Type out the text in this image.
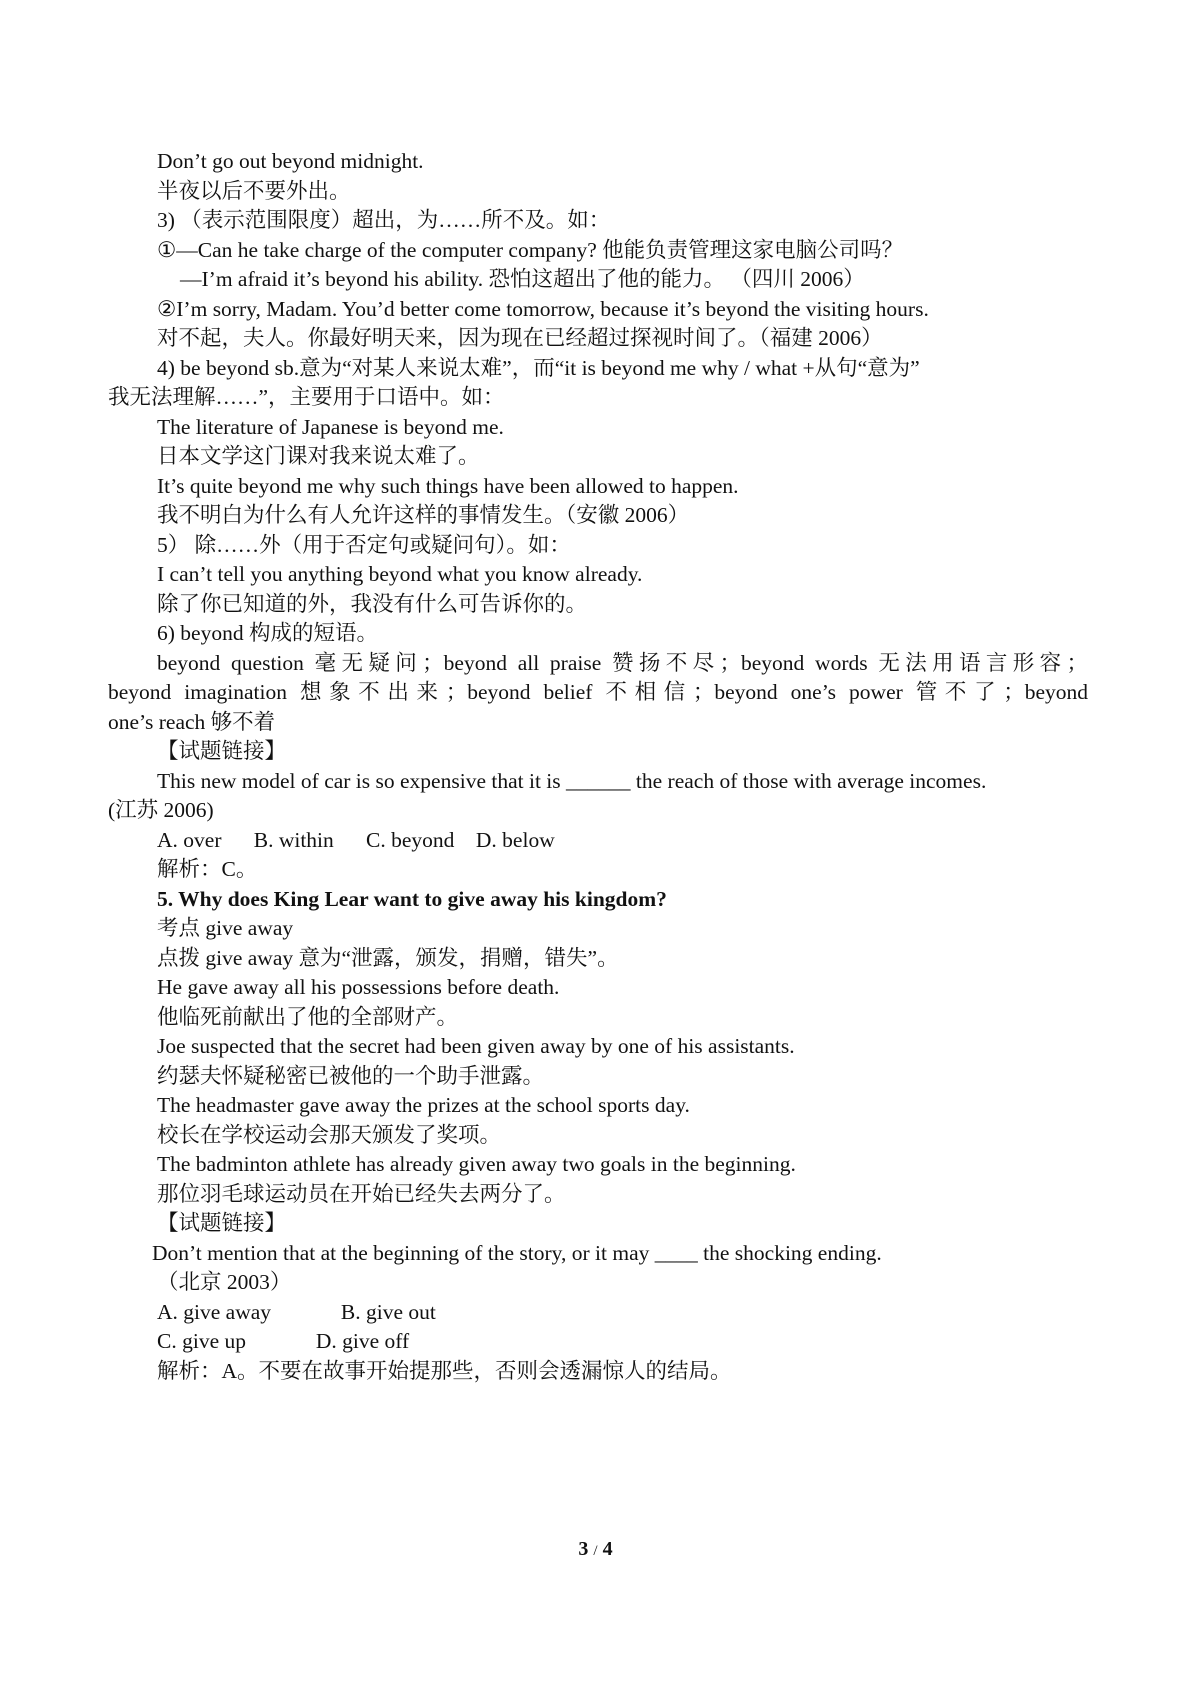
Don’t go out beyond midnight.
半夜以后不要外出。
3) （表示范围限度）超出，为……所不及。如：
①—Can he take charge of the computer company? 他能负责管理这家电脑公司吗？
—I’m afraid it’s beyond his ability. 恐怕这超出了他的能力。 （四川 2006）
②I’m sorry, Madam. You’d better come tomorrow, because it’s beyond the visiting hours.
对不起，夫人。你最好明天来，因为现在已经超过探视时间了。（福建 2006）
4) be beyond sb.意为“对某人来说太难”，而“it is beyond me why / what +从句“意为”
我无法理解……”，主要用于口语中。如：
The literature of Japanese is beyond me.
日本文学这门课对我来说太难了。
It’s quite beyond me why such things have been allowed to happen.
我不明白为什么有人允许这样的事情发生。（安徽 2006）
5） 除……外（用于否定句或疑问句）。如：
I can’t tell you anything beyond what you know already.
除了你已知道的外，我没有什么可告诉你的。
6) beyond 构成的短语。
beyond question 毫无疑问；beyond all praise 赞扬不尽；beyond words 无法用语言形容；
beyond imagination 想象不出来；beyond belief 不相信；beyond one’s power 管不了；beyond
one’s reach 够不着
【试题链接】
This new model of car is so expensive that it is ______ the reach of those with average incomes.
(江苏 2006)
A. over      B. within      C. beyond    D. below
解析：C。
5. Why does King Lear want to give away his kingdom?
考点 give away
点拨 give away 意为“泄露，颁发，捐赠，错失”。
He gave away all his possessions before death.
他临死前献出了他的全部财产。
Joe suspected that the secret had been given away by one of his assistants.
约瑟夫怀疑秘密已被他的一个助手泄露。
The headmaster gave away the prizes at the school sports day.
校长在学校运动会那天颁发了奖项。
The badminton athlete has already given away two goals in the beginning.
那位羽毛球运动员在开始已经失去两分了。
【试题链接】
Don’t mention that at the beginning of the story, or it may ____ the shocking ending.
（北京 2003）
A. give away             B. give out
C. give up             D. give off
解析：A。不要在故事开始提那些，否则会透漏惊人的结局。
3 / 4
